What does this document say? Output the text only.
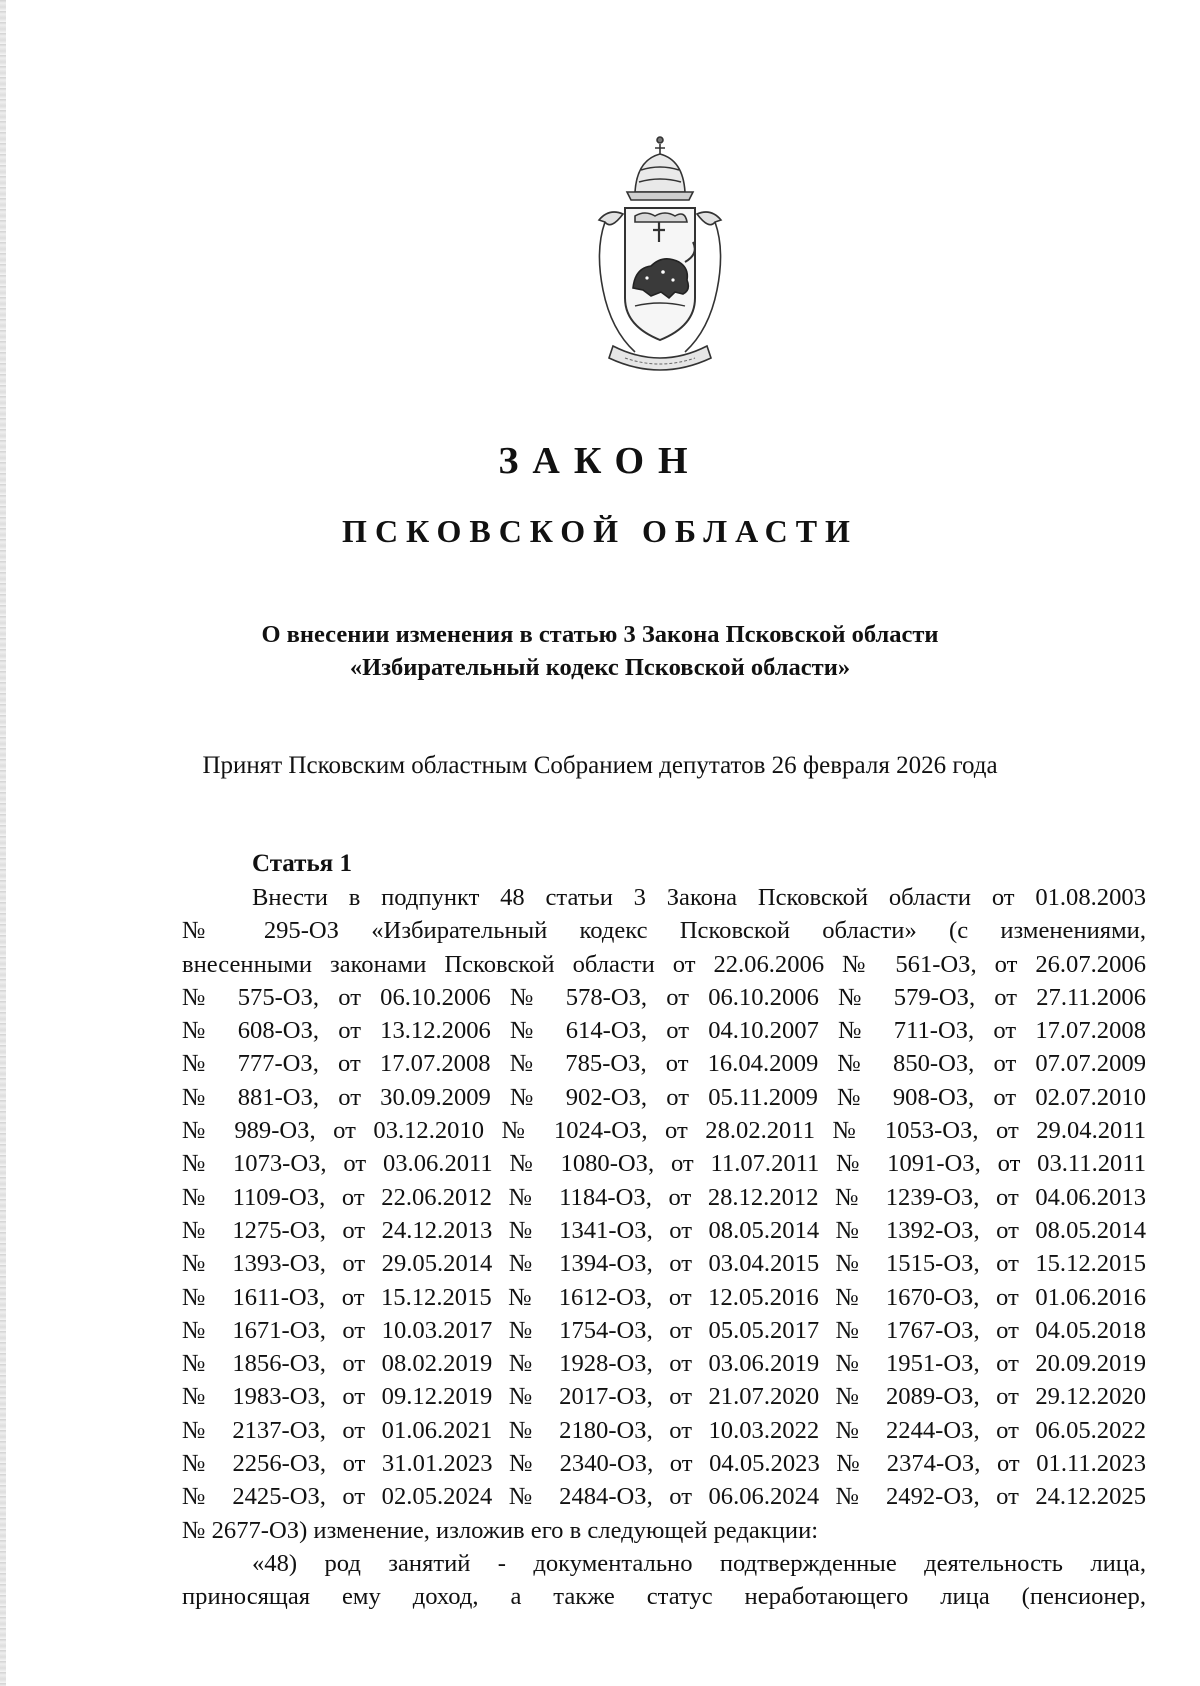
ЗАКОН
ПСКОВСКОЙ ОБЛАСТИ
О внесении изменения в статью 3 Закона Псковской области
«Избирательный кодекс Псковской области»
Принят Псковским областным Собранием депутатов 26 февраля 2026 года
Статья 1
Внести в подпункт 48 статьи 3 Закона Псковской области от 01.08.2003
№ 295-ОЗ «Избирательный кодекс Псковской области» (с изменениями,
внесенными законами Псковской области от 22.06.2006 № 561-ОЗ, от 26.07.2006
№ 575-ОЗ, от 06.10.2006 № 578-ОЗ, от 06.10.2006 № 579-ОЗ, от 27.11.2006
№ 608-ОЗ, от 13.12.2006 № 614-ОЗ, от 04.10.2007 № 711-ОЗ, от 17.07.2008
№ 777-ОЗ, от 17.07.2008 № 785-ОЗ, от 16.04.2009 № 850-ОЗ, от 07.07.2009
№ 881-ОЗ, от 30.09.2009 № 902-ОЗ, от 05.11.2009 № 908-ОЗ, от 02.07.2010
№ 989-ОЗ, от 03.12.2010 № 1024-ОЗ, от 28.02.2011 № 1053-ОЗ, от 29.04.2011
№ 1073-ОЗ, от 03.06.2011 № 1080-ОЗ, от 11.07.2011 № 1091-ОЗ, от 03.11.2011
№ 1109-ОЗ, от 22.06.2012 № 1184-ОЗ, от 28.12.2012 № 1239-ОЗ, от 04.06.2013
№ 1275-ОЗ, от 24.12.2013 № 1341-ОЗ, от 08.05.2014 № 1392-ОЗ, от 08.05.2014
№ 1393-ОЗ, от 29.05.2014 № 1394-ОЗ, от 03.04.2015 № 1515-ОЗ, от 15.12.2015
№ 1611-ОЗ, от 15.12.2015 № 1612-ОЗ, от 12.05.2016 № 1670-ОЗ, от 01.06.2016
№ 1671-ОЗ, от 10.03.2017 № 1754-ОЗ, от 05.05.2017 № 1767-ОЗ, от 04.05.2018
№ 1856-ОЗ, от 08.02.2019 № 1928-ОЗ, от 03.06.2019 № 1951-ОЗ, от 20.09.2019
№ 1983-ОЗ, от 09.12.2019 № 2017-ОЗ, от 21.07.2020 № 2089-ОЗ, от 29.12.2020
№ 2137-ОЗ, от 01.06.2021 № 2180-ОЗ, от 10.03.2022 № 2244-ОЗ, от 06.05.2022
№ 2256-ОЗ, от 31.01.2023 № 2340-ОЗ, от 04.05.2023 № 2374-ОЗ, от 01.11.2023
№ 2425-ОЗ, от 02.05.2024 № 2484-ОЗ, от 06.06.2024 № 2492-ОЗ, от 24.12.2025
№ 2677-ОЗ) изменение, изложив его в следующей редакции:
«48) род занятий - документально подтвержденные деятельность лица,
приносящая ему доход, а также статус неработающего лица (пенсионер,
